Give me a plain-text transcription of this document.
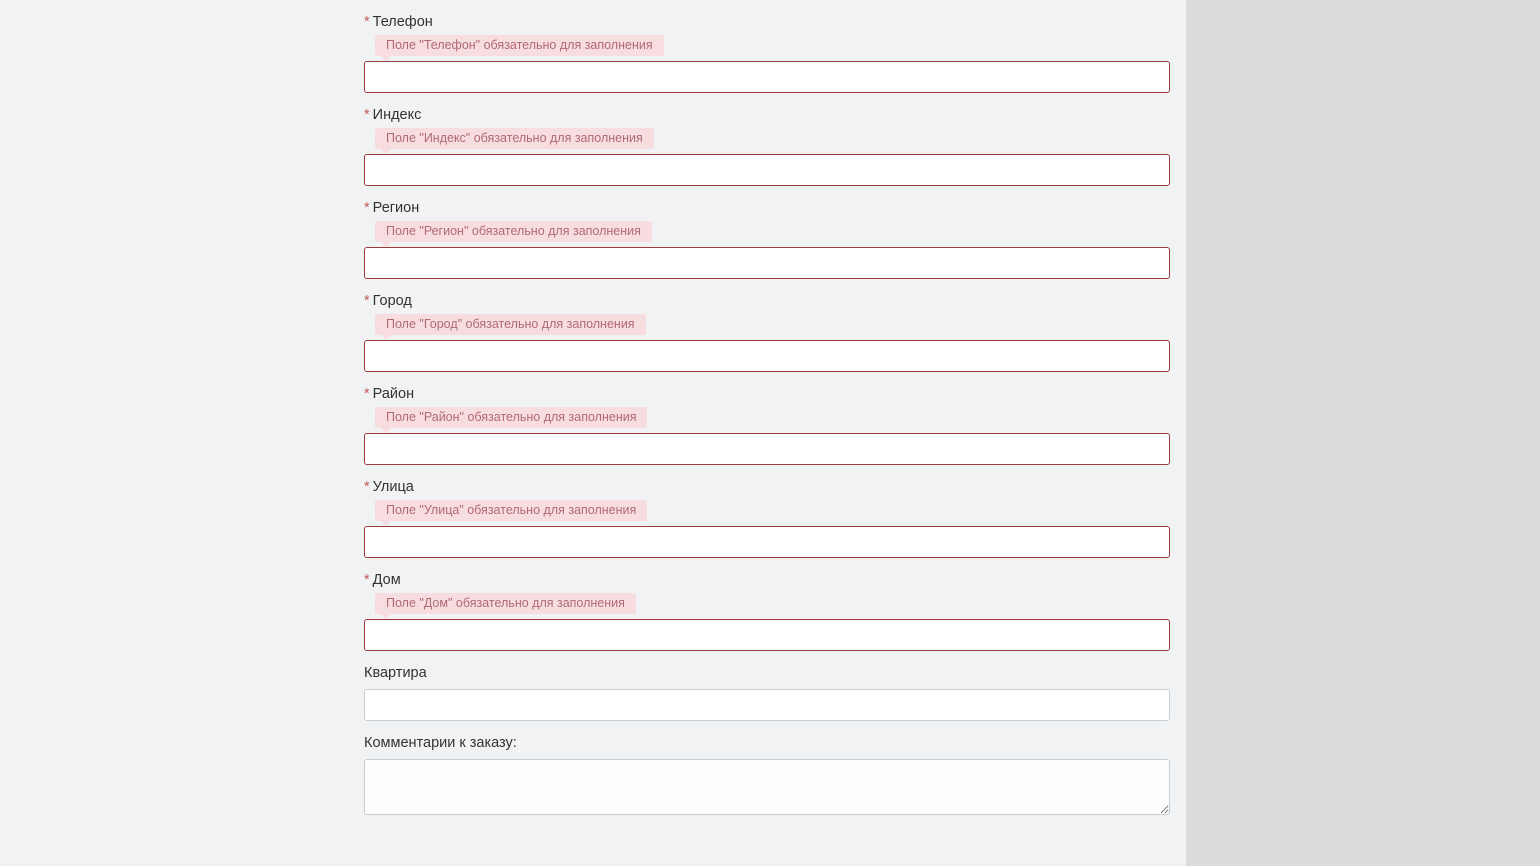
* Телефон
Поле "Телефон" обязательно для заполнения
* Индекс
Поле "Индекс" обязательно для заполнения
* Регион
Поле "Регион" обязательно для заполнения
* Город
Поле "Город" обязательно для заполнения
* Район
Поле "Район" обязательно для заполнения
* Улица
Поле "Улица" обязательно для заполнения
* Дом
Поле "Дом" обязательно для заполнения
Квартира
Комментарии к заказу:
